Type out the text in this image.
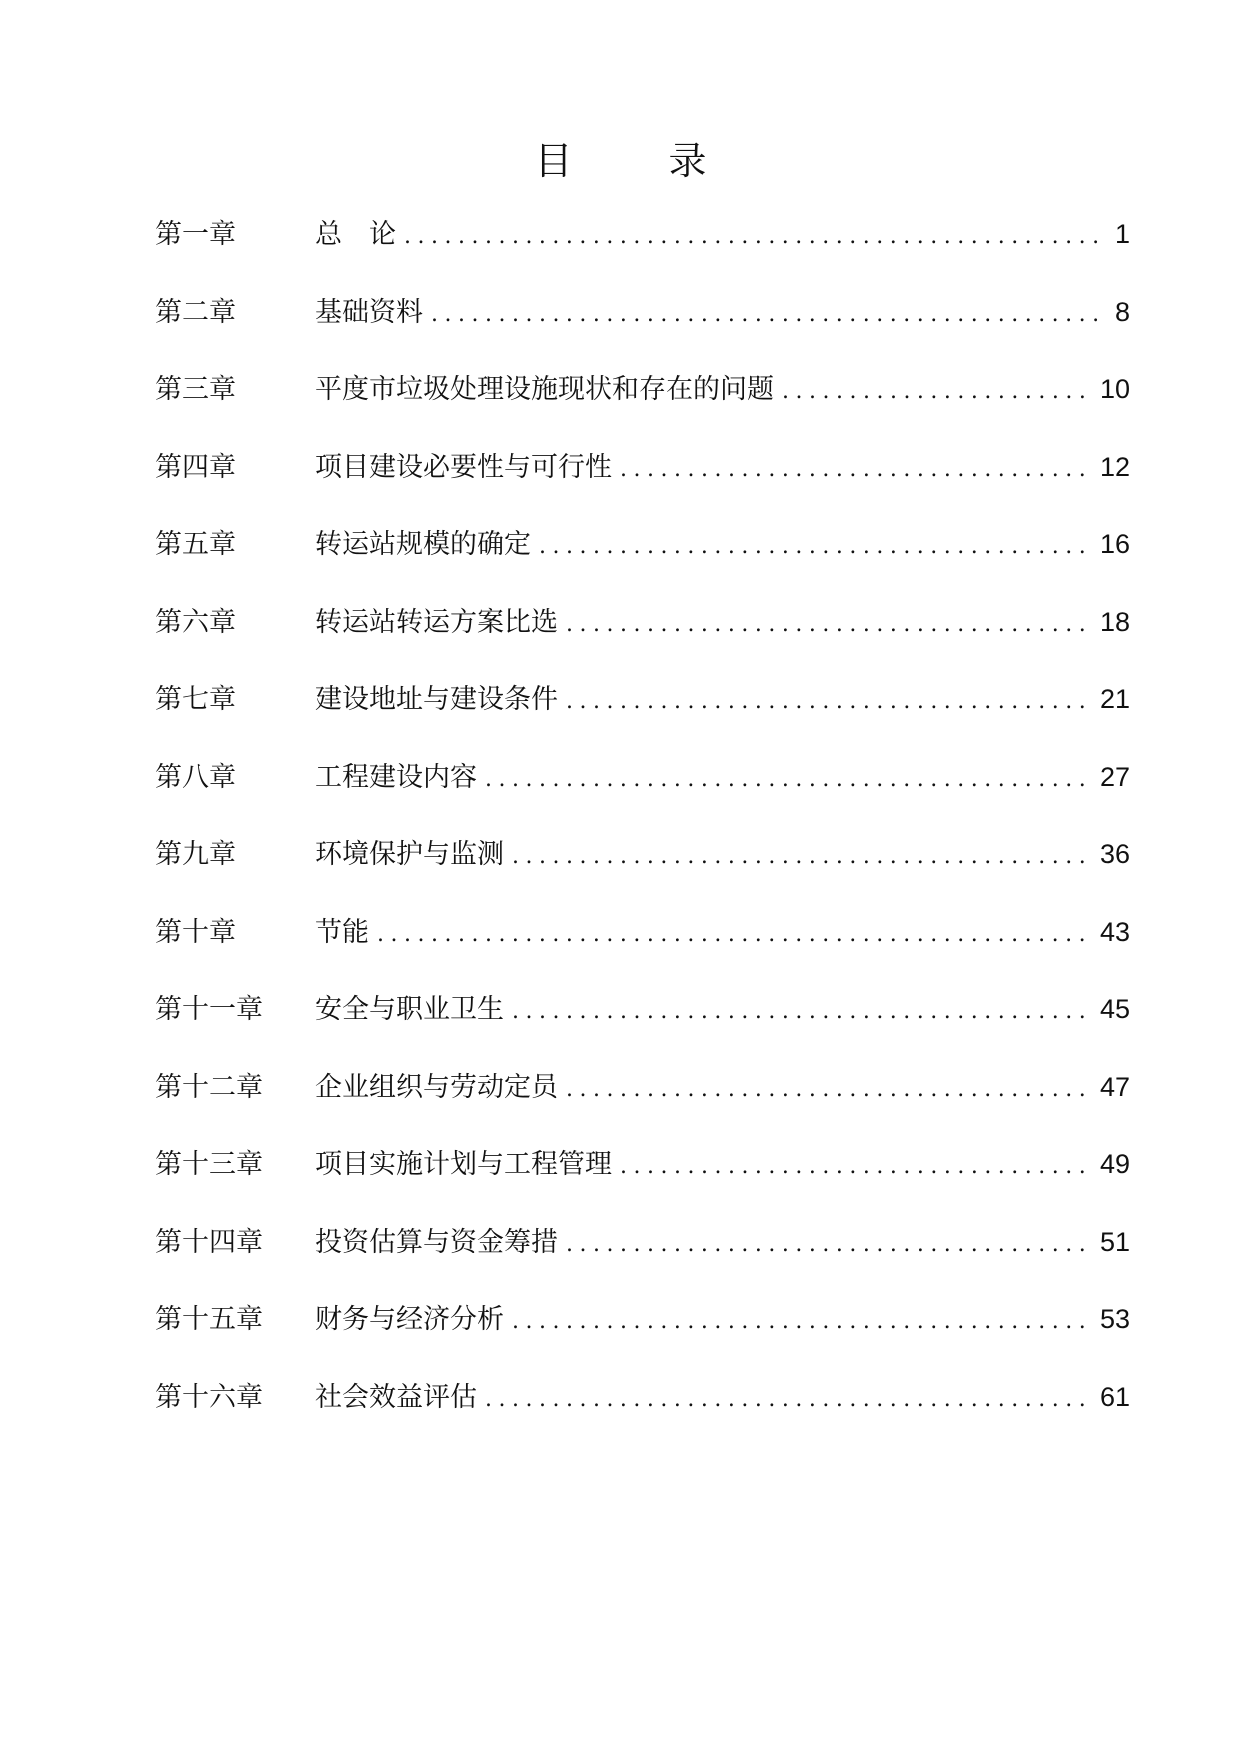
目	录
第一章	总　论 .....	1
第二章	基础资料 .....	8
第三章	平度市垃圾处理设施现状和存在的问题 .....	10
第四章	项目建设必要性与可行性 .....	12
第五章	转运站规模的确定 .....	16
第六章	转运站转运方案比选 .....	18
第七章	建设地址与建设条件 .....	21
第八章	工程建设内容 .....	27
第九章	环境保护与监测 .....	36
第十章	节能 .....	43
第十一章	安全与职业卫生 .....	45
第十二章	企业组织与劳动定员 .....	47
第十三章	项目实施计划与工程管理 .....	49
第十四章	投资估算与资金筹措 .....	51
第十五章	财务与经济分析 .....	53
第十六章	社会效益评估 .....	61
